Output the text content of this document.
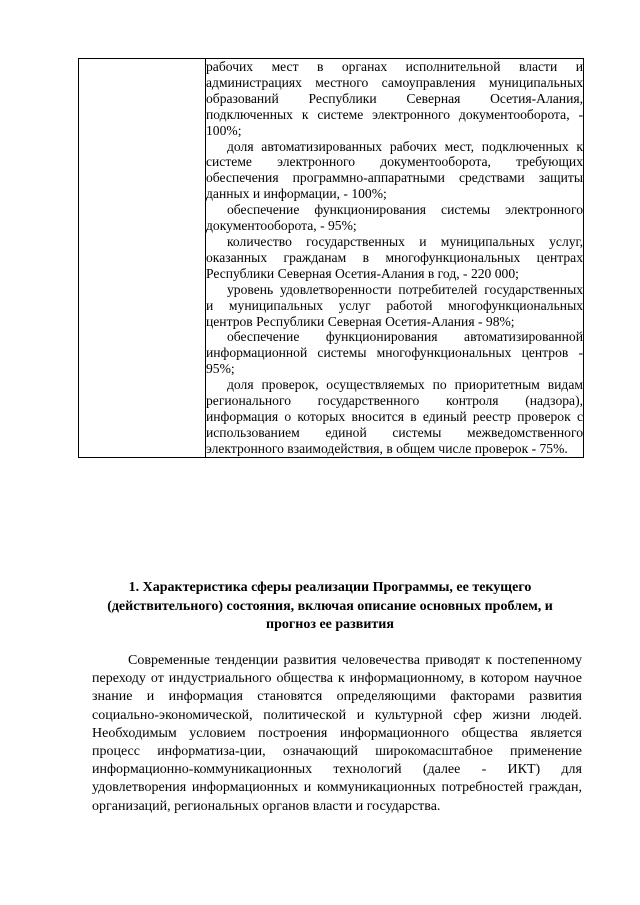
рабочих мест в органах исполнительной власти и администрациях местного самоуправления муниципальных образований Республики Северная Осетия-Алания, подключенных к системе электронного документооборота, - 100%;

доля автоматизированных рабочих мест, подключенных к системе электронного документооборота, требующих обеспечения программно-аппаратными средствами защиты данных и информации, - 100%;

обеспечение функционирования системы электронного документооборота, - 95%;

количество государственных и муниципальных услуг, оказанных гражданам в многофункциональных центрах Республики Северная Осетия-Алания в год, - 220 000;

уровень удовлетворенности потребителей государственных и муниципальных услуг работой многофункциональных центров Республики Северная Осетия-Алания - 98%;

обеспечение функционирования автоматизированной информационной системы многофункциональных центров - 95%;

доля проверок, осуществляемых по приоритетным видам регионального государственного контроля (надзора), информация о которых вносится в единый реестр проверок с использованием единой системы межведомственного электронного взаимодействия, в общем числе проверок - 75%.

1. Характеристика сферы реализации Программы, ее текущего
(действительного) состояния, включая описание основных проблем, и
прогноз ее развития

Современные тенденции развития человечества приводят к постепенному переходу от индустриального общества к информационному, в котором научное знание и информация становятся определяющими факторами развития социально-экономической, политической и культурной сфер жизни людей. Необходимым условием построения информационного общества является процесс информатиза-ции, означающий широкомасштабное применение информационно-коммуникационных технологий (далее - ИКТ) для удовлетворения информационных и коммуникационных потребностей граждан, организаций, региональных органов власти и государства.
